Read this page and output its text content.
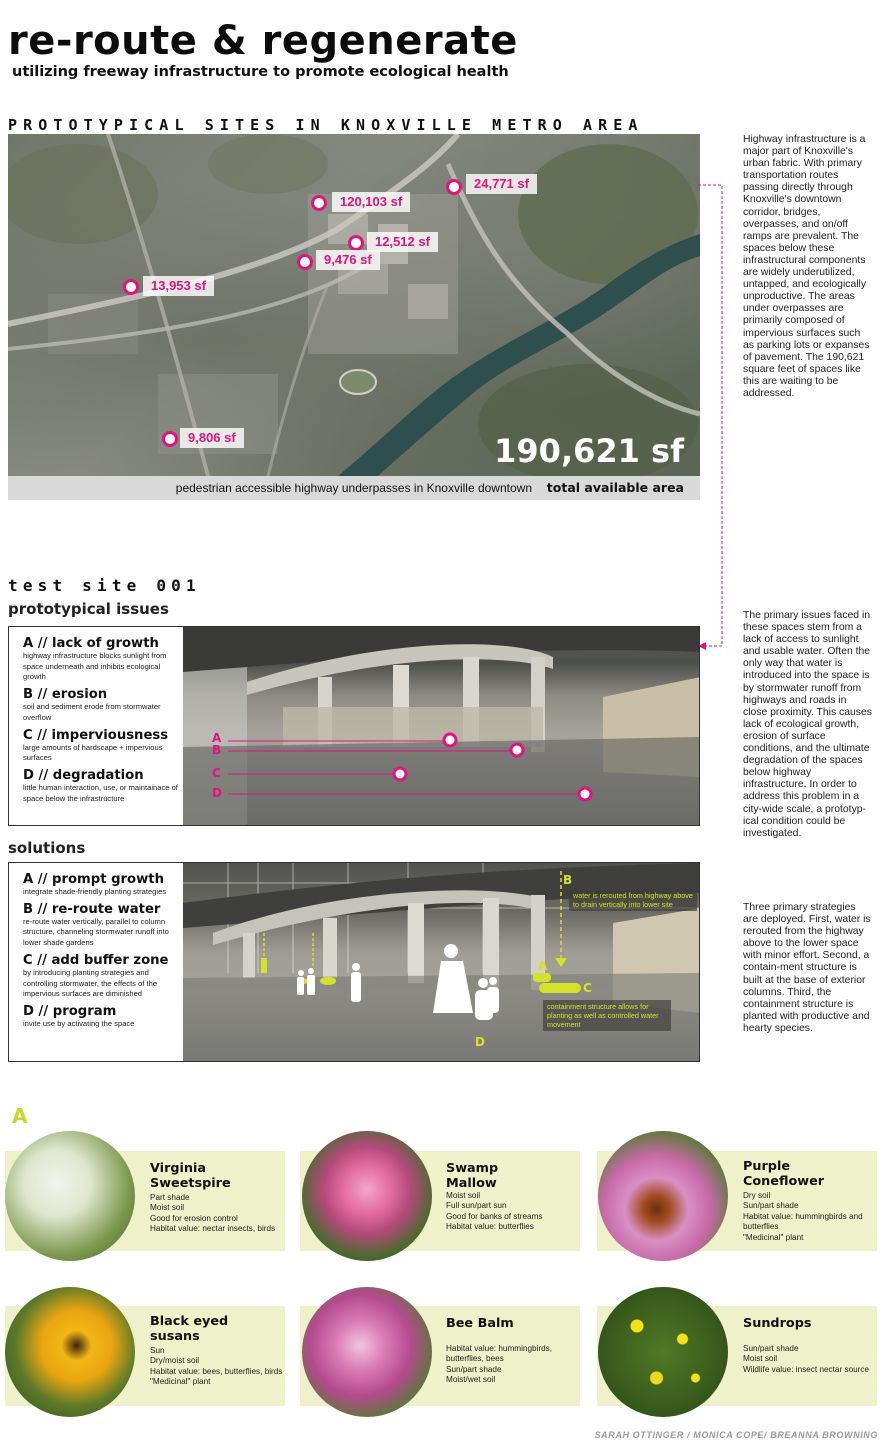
re-route & regenerate
utilizing freeway infrastructure to promote ecological health
PROTOTYPICAL SITES IN KNOXVILLE METRO AREA
24,771 sf
120,103 sf
12,512 sf
9,476 sf
13,953 sf
9,806 sf	190,621 sf
pedestrian accessible highway underpasses in Knoxville downtown total available area
Highway infrastructure is a major part of Knoxville's urban fabric. With primary transportation routes passing directly through Knoxville's downtown corridor, bridges, overpasses, and on/off ramps are prevalent. The spaces below these infrastructural components are widely underutilized, untapped, and ecologically unproductive. The areas under overpasses are primarily composed of impervious surfaces such as parking lots or expanses of pavement. The 190,621 square feet of spaces like this are waiting to be addressed.
The primary issues faced in these spaces stem from a lack of access to sunlight and usable water. Often the only way that water is introduced into the space is by stormwater runoff from highways and roads in close proximity. This causes lack of ecological growth, erosion of surface conditions, and the ultimate degradation of the spaces below highway infrastructure. In order to address this problem in a city-wide scale, a prototyp-ical condition could be investigated.
Three primary strategies are deployed. First, water is rerouted from the highway above to the lower space with minor effort. Second, a contain-ment structure is built at the base of exterior columns. Third, the containment structure is planted with productive and hearty species.
test site 001
prototypical issues
A // lack of growth
highway infrastructure blocks sunlight from space underneath and inhibits ecological growth
B // erosion
soil and sediment erode from stormwater overflow
C // imperviousness
large amounts of hardscape + impervious surfaces
D // degradation
little human interaction, use, or maintainace of space below the infrastructure
A
B
C
D
solutions
A // prompt growth
integrate shade-friendly planting strategies
B // re-route water
re-route water vertically, parallel to column structure, channeling stormwater runoff into lower shade gardens
C // add buffer zone
by introducing planting strategies and controlling stormwater, the effects of the impervious surfaces are diminished
D // program
invite use by activating the space
B
A
C
D
water is rerouted from highway above to drain vertically into lower site
containment structure allows for planting as well as controlled water movement
A
Virginia Sweetspire
Part shade
Moist soil
Good for erosion control
Habitat value: nectar insects, birds
Swamp Mallow
Moist soil
Full sun/part sun
Good for banks of streams
Habitat value: butterflies
Purple Coneflower
Dry soil
Sun/part shade
Habitat value: hummingbirds and butterflies
"Medicinal" plant
Black eyed susans
Sun
Dry/moist soil
Habitat value: bees, butterflies, birds
"Medicinal" plant
Bee Balm
Habitat value: hummingbirds, butterflies, bees
Sun/part shade
Moist/wet soil
Sundrops
Sun/part shade
Moist soil
Wildlife value: insect nectar source
SARAH OTTINGER / MONICA COPE/ BREANNA BROWNING
